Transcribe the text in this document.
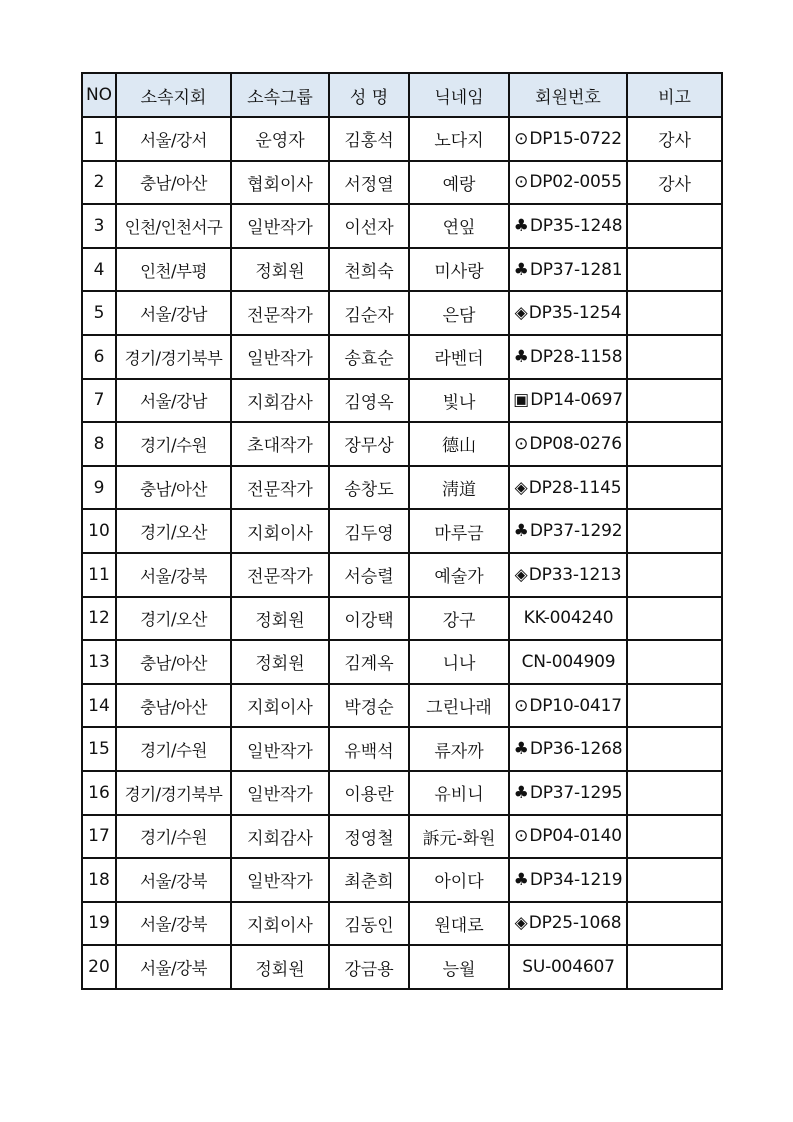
NO	소속지회	소속그룹	성 명	닉네임	회원번호	비고
1	서울/강서	운영자	김홍석	노다지	⊙DP15-0722	강사
2	충남/아산	협회이사	서정열	예랑	⊙DP02-0055	강사
3	인천/인천서구	일반작가	이선자	연잎	♣DP35-1248	
4	인천/부평	정회원	천희숙	미사랑	♣DP37-1281	
5	서울/강남	전문작가	김순자	은담	◈DP35-1254	
6	경기/경기북부	일반작가	송효순	라벤더	♣DP28-1158	
7	서울/강남	지회감사	김영옥	빛나	▣DP14-0697	
8	경기/수원	초대작가	장무상	德山	⊙DP08-0276	
9	충남/아산	전문작가	송창도	淸道	◈DP28-1145	
10	경기/오산	지회이사	김두영	마루금	♣DP37-1292	
11	서울/강북	전문작가	서승렬	예술가	◈DP33-1213	
12	경기/오산	정회원	이강택	강구	KK-004240	
13	충남/아산	정회원	김계옥	니나	CN-004909	
14	충남/아산	지회이사	박경순	그린나래	⊙DP10-0417	
15	경기/수원	일반작가	유백석	류자까	♣DP36-1268	
16	경기/경기북부	일반작가	이용란	유비니	♣DP37-1295	
17	경기/수원	지회감사	정영철	訴元-화원	⊙DP04-0140	
18	서울/강북	일반작가	최춘희	아이다	♣DP34-1219	
19	서울/강북	지회이사	김동인	원대로	◈DP25-1068	
20	서울/강북	정회원	강금용	능월	SU-004607	
